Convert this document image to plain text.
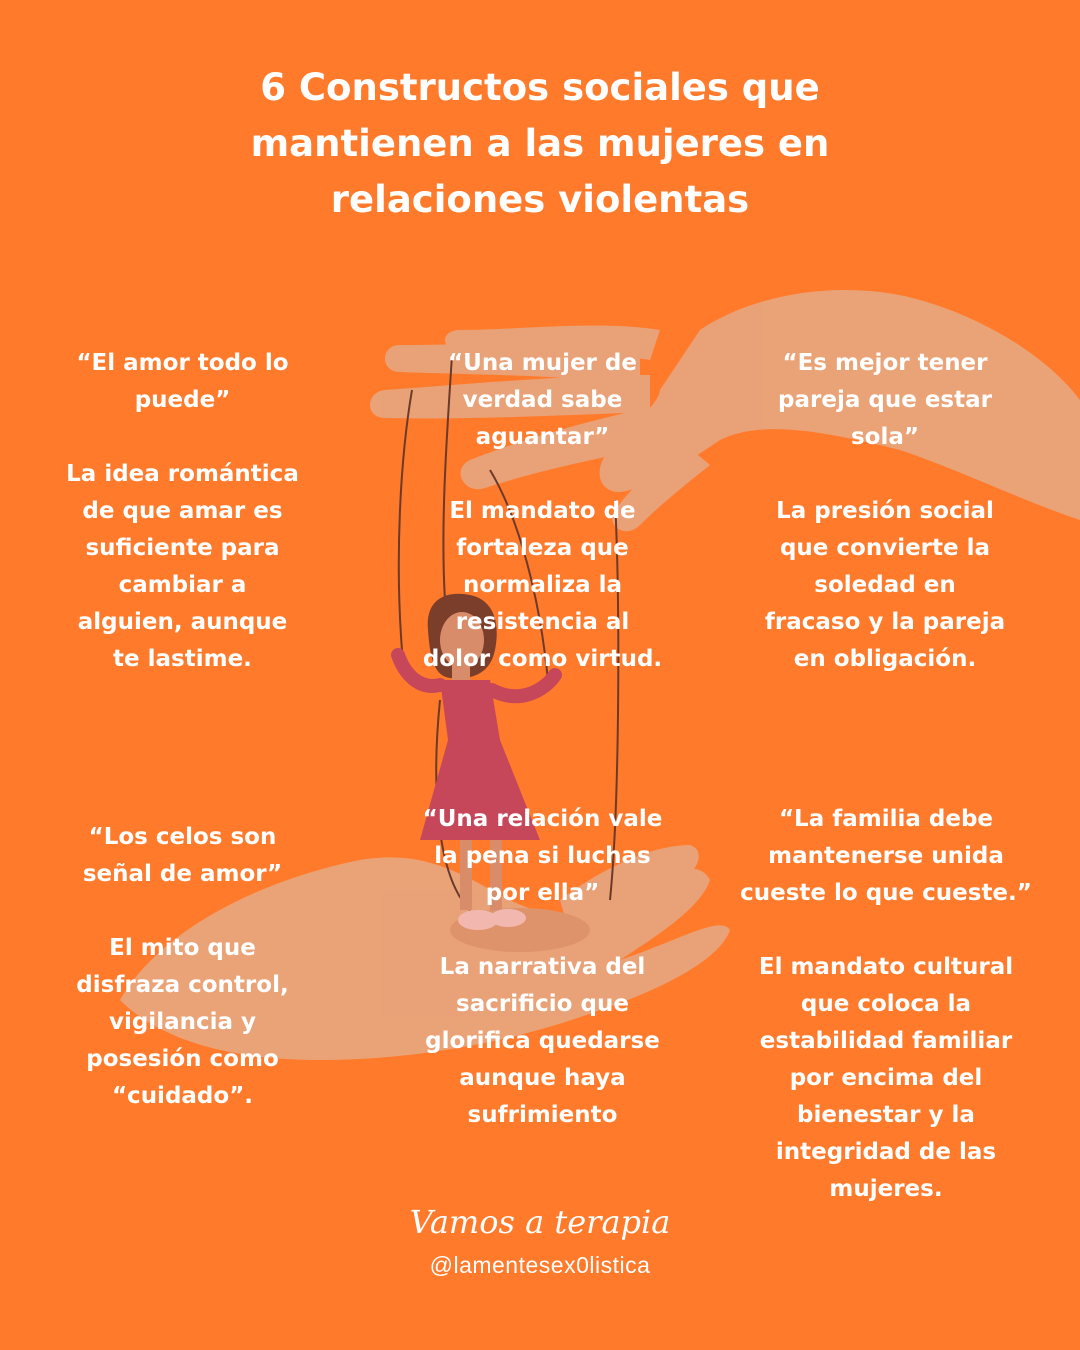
6 Constructos sociales que
mantienen a las mujeres en
relaciones violentas
“El amor todo lo
puede”
La idea romántica
de que amar es
suficiente para
cambiar a
alguien, aunque
te lastime.
“Una mujer de
verdad sabe
aguantar”
El mandato de
fortaleza que
normaliza la
resistencia al
dolor como virtud.
“Es mejor tener
pareja que estar
sola”
La presión social
que convierte la
soledad en
fracaso y la pareja
en obligación.
“Los celos son
señal de amor”
El mito que
disfraza control,
vigilancia y
posesión como
“cuidado”.
“Una relación vale
la pena si luchas
por ella”
La narrativa del
sacrificio que
glorifica quedarse
aunque haya
sufrimiento
“La familia debe
mantenerse unida
cueste lo que cueste.”
El mandato cultural
que coloca la
estabilidad familiar
por encima del
bienestar y la
integridad de las
mujeres.
Vamos a terapia
@lamentesex0listica
